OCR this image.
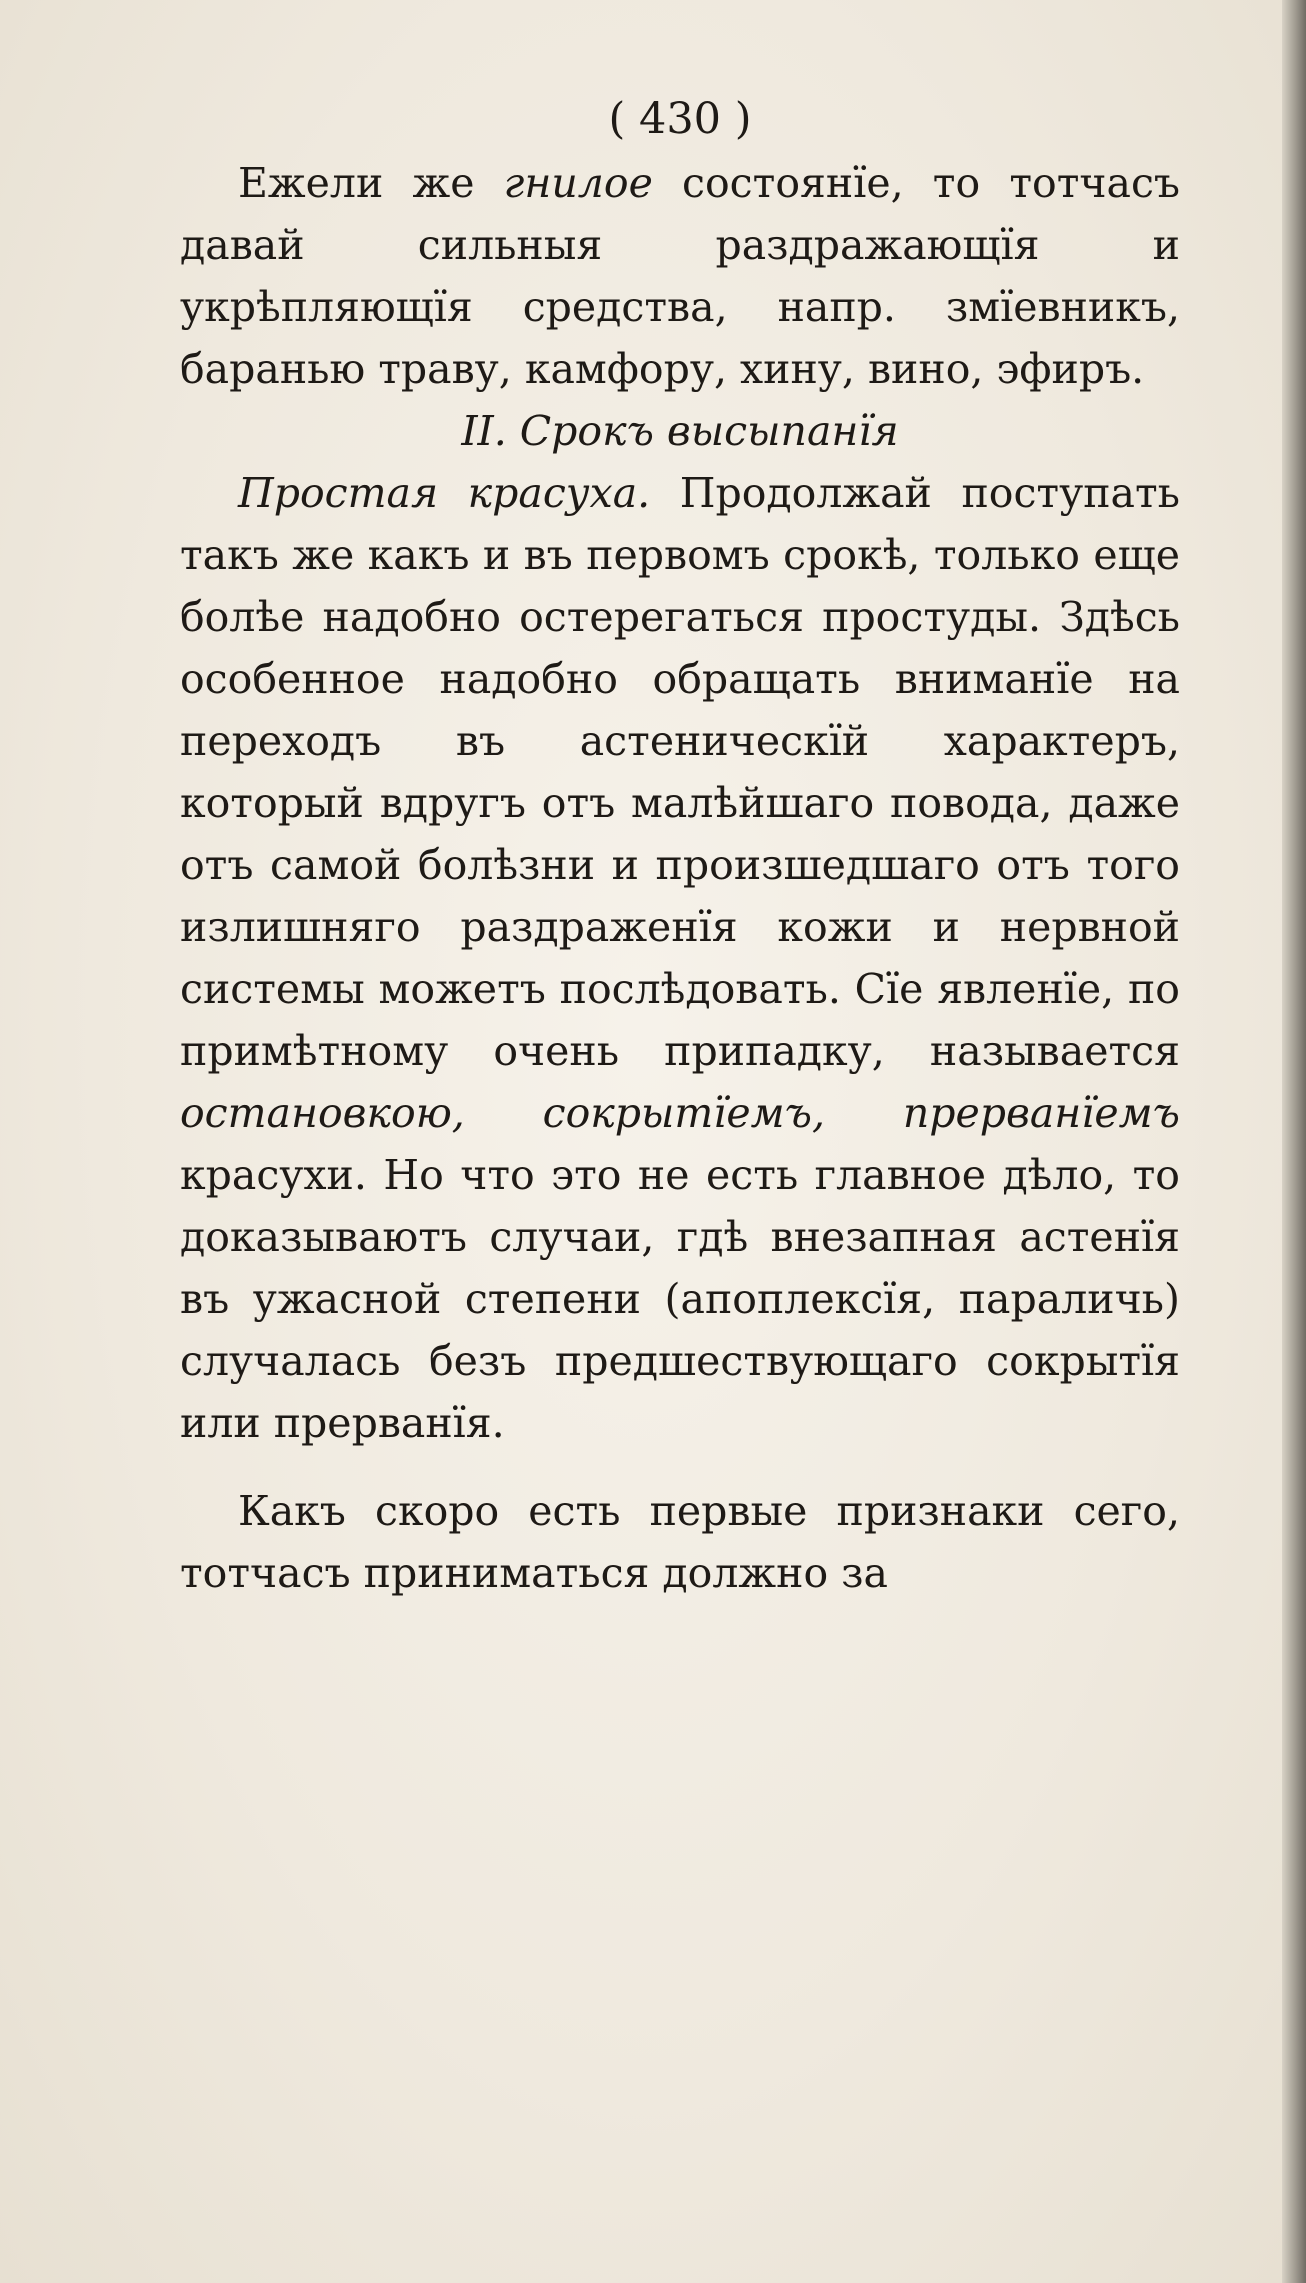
( 430 )

Ежели же гнилое состоянïе, то тотчасъ давай сильныя раздражающïя и укрѣпляющïя средства, напр. змïевникъ, баранью траву, камфору, хину, вино, эфиръ.

II. Срокъ высыпанïя

Простая красуха. Продолжай поступать такъ же какъ и въ первомъ срокѣ, только еще болѣе надобно остерегаться простуды. Здѣсь особенное надобно обращать вниманïе на переходъ въ астеническïй характеръ, который вдругъ отъ малѣйшаго повода, даже отъ самой болѣзни и произшедшаго отъ того излишняго раздраженïя кожи и нервной системы можетъ послѣдовать. Сïе явленïе, по примѣтному очень припадку, называется остановкою, сокрытïемъ, прерванïемъ красухи. Но что это не есть главное дѣло, то доказываютъ случаи, гдѣ внезапная астенïя въ ужасной степени (апоплексïя, параличь) случалась безъ предшествующаго сокрытïя или прерванïя.

Какъ скоро есть первые признаки сего, тотчасъ приниматься должно за
